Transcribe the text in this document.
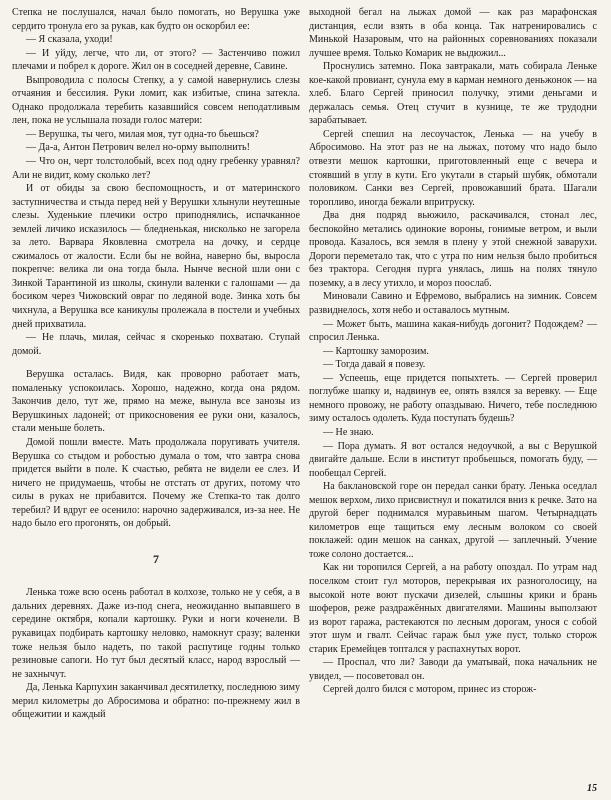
Степка не послушался, начал было помогать, но Верушка уже сердито тронула его за рукав, как будто он оскорбил ее:

— Я сказала, уходи!

— И уйду, легче, что ли, от этого? — Застенчиво пожил плечами и побрел к дороге. Жил он в соседней деревне, Савине.

Выпроводила с полосы Степку, а у самой навернулись слезы отчаяния и бессилия. Руки ломит, как избитые, спина затекла. Однако продолжала теребить казавшийся совсем неподатливым лен, пока не услышала позади голос матери:

— Верушка, ты чего, милая моя, тут одна-то бьешься?

— Да-а, Антон Петрович велел но-орму выполнить!

— Что он, черт толстолобый, всех под одну гребенку уравнял? Али не видит, кому сколько лет?

И от обиды за свою беспомощность, и от материнского заступничества и стыда перед ней у Верушки хлынули неутешные слезы. Худенькие плечики остро приподнялись, испачканное землей личико исказилось — бледненькая, нисколько не загорела за лето. Варвара Яковлевна смотрела на дочку, и сердце сжималось от жалости. Если бы не война, наверно бы, выросла покрепче: велика ли она тогда была. Нынче весной шли они с Зинкой Тарантиной из школы, скинули валенки с галошами — да босиком через Чижовский овраг по ледяной воде. Зинка хоть бы чихнула, а Верушка все каникулы пролежала в постели и учебных дней прихватила.

— Не плачь, милая, сейчас я скоренько похватаю. Ступай домой.

Верушка осталась. Видя, как проворно работает мать, помаленьку успокоилась. Хорошо, надежно, когда она рядом. Закончив дело, тут же, прямо на меже, вынула все занозы из Верушкиных ладоней; от прикосновения ее руки они, казалось, стали меньше болеть.

Домой пошли вместе. Мать продолжала поругивать учителя. Верушка со стыдом и робостью думала о том, что завтра снова придется выйти в поле. К счастью, ребята не видели ее слез. И ничего не придумаешь, чтобы не отстать от других, потому что силы в руках не прибавится. Почему же Степка-то так долго теребил? И вдруг ее осенило: нарочно задерживался, из-за нее. Не надо было его прогонять, он добрый.

7

Ленька тоже всю осень работал в колхозе, только не у себя, а в дальних деревнях. Даже из-под снега, неожиданно выпавшего в середине октября, копали картошку. Руки и ноги коченели. В рукавицах подбирать картошку неловко, намокнут сразу; валенки тоже нельзя было надеть, по такой распутице годны только резиновые сапоги. Но тут был десятый класс, народ взрослый — не захнычут.

Да, Ленька Карпухин заканчивал десятилетку, последнюю зиму мерил километры до Абросимова и обратно: по-прежнему жил в общежитии и каждый

выходной бегал на лыжах домой — как раз марафонская дистанция, если взять в оба конца. Так натренировались с Минькой Назаровым, что на районных соревнованиях показали лучшее время. Только Комарик не выдюжил...

Проснулись затемно. Пока завтракали, мать собирала Леньке кое-какой провиант, сунула ему в карман немного деньжонок — на хлеб. Благо Сергей приносил получку, этими деньгами и держалась семья. Отец стучит в кузнице, те же трудодни зарабатывает.

Сергей спешил на лесоучасток, Ленька — на учебу в Абросимово. На этот раз не на лыжах, потому что надо было отвезти мешок картошки, приготовленный еще с вечера и стоявший в углу в кути. Его укутали в старый шубяк, обмотали половиком. Санки вез Сергей, провожавший брата. Шагали торопливо, иногда бежали впритруску.

Два дня подряд вьюжило, раскачивался, стонал лес, беспокойно метались одинокие вороны, гонимые ветром, и выли провода. Казалось, вся земля в плену у этой снежной заварухи. Дороги переметало так, что с утра по ним нельзя было пробиться без трактора. Сегодня пурга унялась, лишь на полях тянуло поземку, а в лесу утихло, и мороз поослаб.

Миновали Савино и Ефремово, выбрались на зимник. Совсем развиднелось, хотя небо и оставалось мутным.

— Может быть, машина какая-нибудь догонит? Подождем? — спросил Ленька.

— Картошку заморозим.

— Тогда давай я повезу.

— Успеешь, еще придется попыхтеть. — Сергей проверил поглубже шапку и, надвинув ее, опять взялся за веревку. — Еще немного провожу, не работу опаздываю. Ничего, тебе последнюю зиму осталось одолеть. Куда поступать будешь?

— Не знаю.

— Пора думать. Я вот остался недоучкой, а вы с Верушкой двигайте дальше. Если в институт пробьешься, помогать буду, — пообещал Сергей.

На баклановской горе он передал санки брату. Ленька оседлал мешок верхом, лихо присвистнул и покатился вниз к речке. Зато на другой берег поднимался муравьиным шагом. Четырнадцать километров еще тащиться ему лесным волоком со своей поклажей: один мешок на санках, другой — заплечный. Учение тоже солоно достается...

Как ни торопился Сергей, а на работу опоздал. По утрам над поселком стоит гул моторов, перекрывая их разноголосицу, на высокой ноте воют пускачи дизелей, слышны крики и брань шоферов, реже раздражённых двигателями. Машины выползают из ворот гаража, растекаются по лесным дорогам, унося с собой этот шум и гвалт. Сейчас гараж был уже пуст, только сторож старик Еремейцев топтался у распахнутых ворот.

— Проспал, что ли? Заводи да уматывай, пока начальник не увидел, — посоветовал он.

Сергей долго бился с мотором, принес из сторож-

15
